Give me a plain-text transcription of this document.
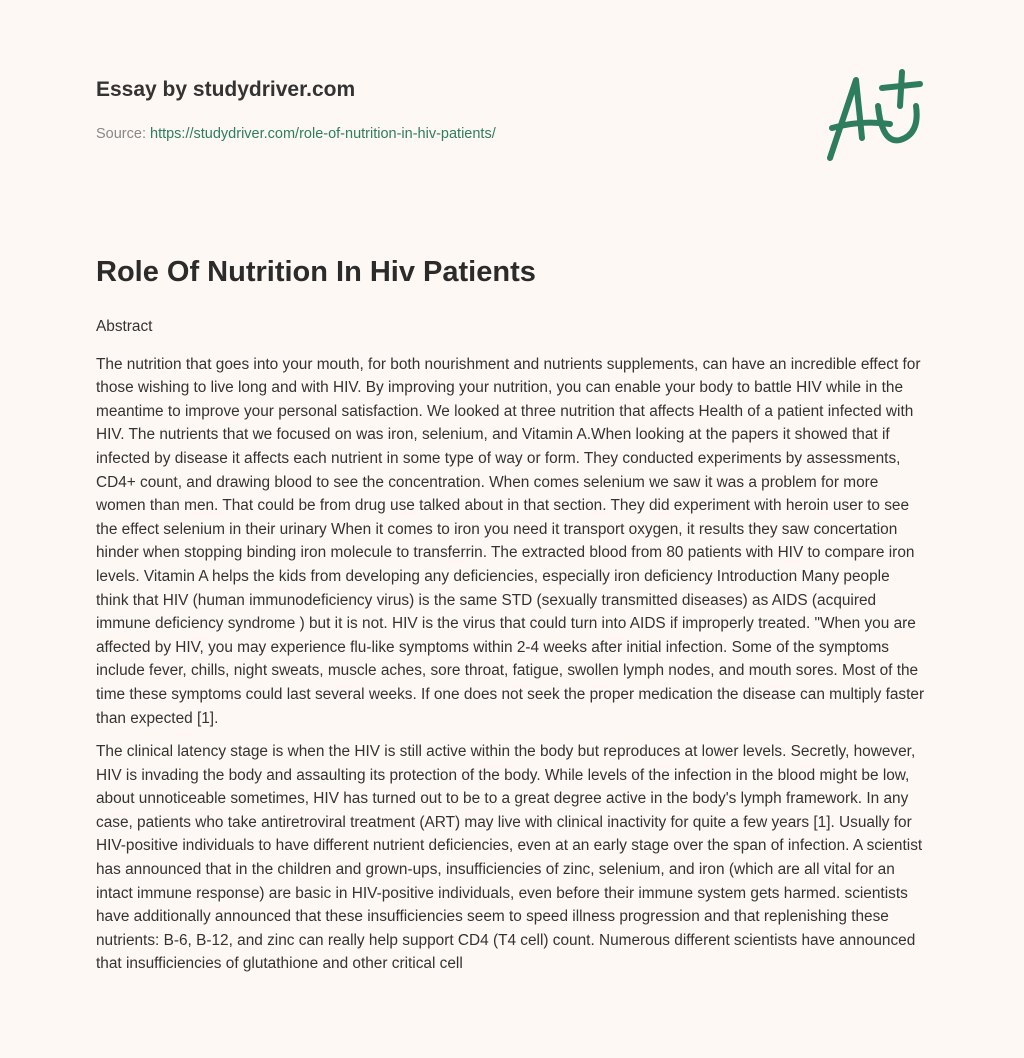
Essay by studydriver.com
Source: https://studydriver.com/role-of-nutrition-in-hiv-patients/
Role Of Nutrition In Hiv Patients

Abstract

The nutrition that goes into your mouth, for both nourishment and nutrients supplements, can have an incredible effect for those wishing to live long and with HIV. By improving your nutrition, you can enable your body to battle HIV while in the meantime to improve your personal satisfaction. We looked at three nutrition that affects Health of a patient infected with HIV. The nutrients that we focused on was iron, selenium, and Vitamin A.When looking at the papers it showed that if infected by disease it affects each nutrient in some type of way or form. They conducted experiments by assessments, CD4+ count, and drawing blood to see the concentration. When comes selenium we saw it was a problem for more women than men. That could be from drug use talked about in that section. They did experiment with heroin user to see the effect selenium in their urinary When it comes to iron you need it transport oxygen, it results they saw concertation hinder when stopping binding iron molecule to transferrin. The extracted blood from 80 patients with HIV to compare iron levels. Vitamin A helps the kids from developing any deficiencies, especially iron deficiency Introduction Many people think that HIV (human immunodeficiency virus) is the same STD (sexually transmitted diseases) as AIDS (acquired immune deficiency syndrome ) but it is not. HIV is the virus that could turn into AIDS if improperly treated. "When you are affected by HIV, you may experience flu-like symptoms within 2-4 weeks after initial infection. Some of the symptoms include fever, chills, night sweats, muscle aches, sore throat, fatigue, swollen lymph nodes, and mouth sores. Most of the time these symptoms could last several weeks. If one does not seek the proper medication the disease can multiply faster than expected [1].

The clinical latency stage is when the HIV is still active within the body but reproduces at lower levels. Secretly, however, HIV is invading the body and assaulting its protection of the body. While levels of the infection in the blood might be low, about unnoticeable sometimes, HIV has turned out to be to a great degree active in the body's lymph framework. In any case, patients who take antiretroviral treatment (ART) may live with clinical inactivity for quite a few years [1]. Usually for HIV-positive individuals to have different nutrient deficiencies, even at an early stage over the span of infection. A scientist has announced that in the children and grown-ups, insufficiencies of zinc, selenium, and iron (which are all vital for an intact immune response) are basic in HIV-positive individuals, even before their immune system gets harmed. scientists have additionally announced that these insufficiencies seem to speed illness progression and that replenishing these nutrients: B-6, B-12, and zinc can really help support CD4 (T4 cell) count. Numerous different scientists have announced that insufficiencies of glutathione and other critical cell
